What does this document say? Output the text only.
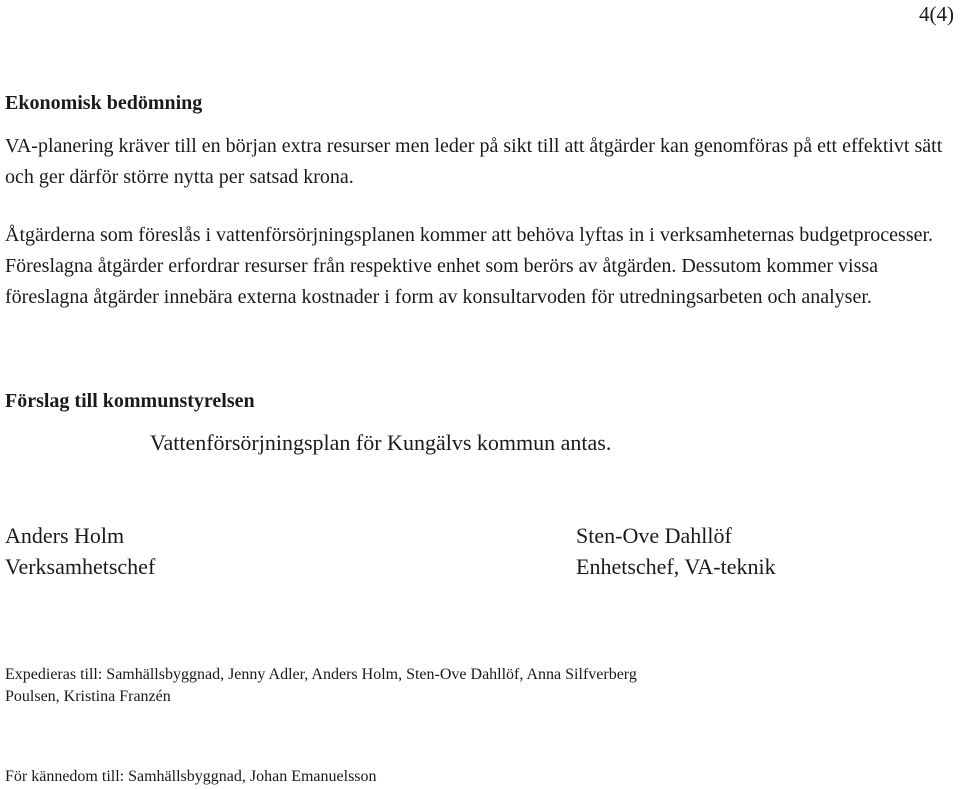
4(4)
Ekonomisk bedömning

VA-planering kräver till en början extra resurser men leder på sikt till att åtgärder kan genomföras på ett effektivt sätt och ger därför större nytta per satsad krona.

Åtgärderna som föreslås i vattenförsörjningsplanen kommer att behöva lyftas in i verksamheternas budgetprocesser. Föreslagna åtgärder erfordrar resurser från respektive enhet som berörs av åtgärden. Dessutom kommer vissa föreslagna åtgärder innebära externa kostnader i form av konsultarvoden för utredningsarbeten och analyser.

Förslag till kommunstyrelsen
Vattenförsörjningsplan för Kungälvs kommun antas.
Anders Holm
Verksamhetschef
Sten-Ove Dahllöf
Enhetschef, VA-teknik

Expedieras till: Samhällsbyggnad, Jenny Adler, Anders Holm, Sten-Ove Dahllöf, Anna Silfverberg Poulsen, Kristina Franzén

För kännedom till: Samhällsbyggnad, Johan Emanuelsson
